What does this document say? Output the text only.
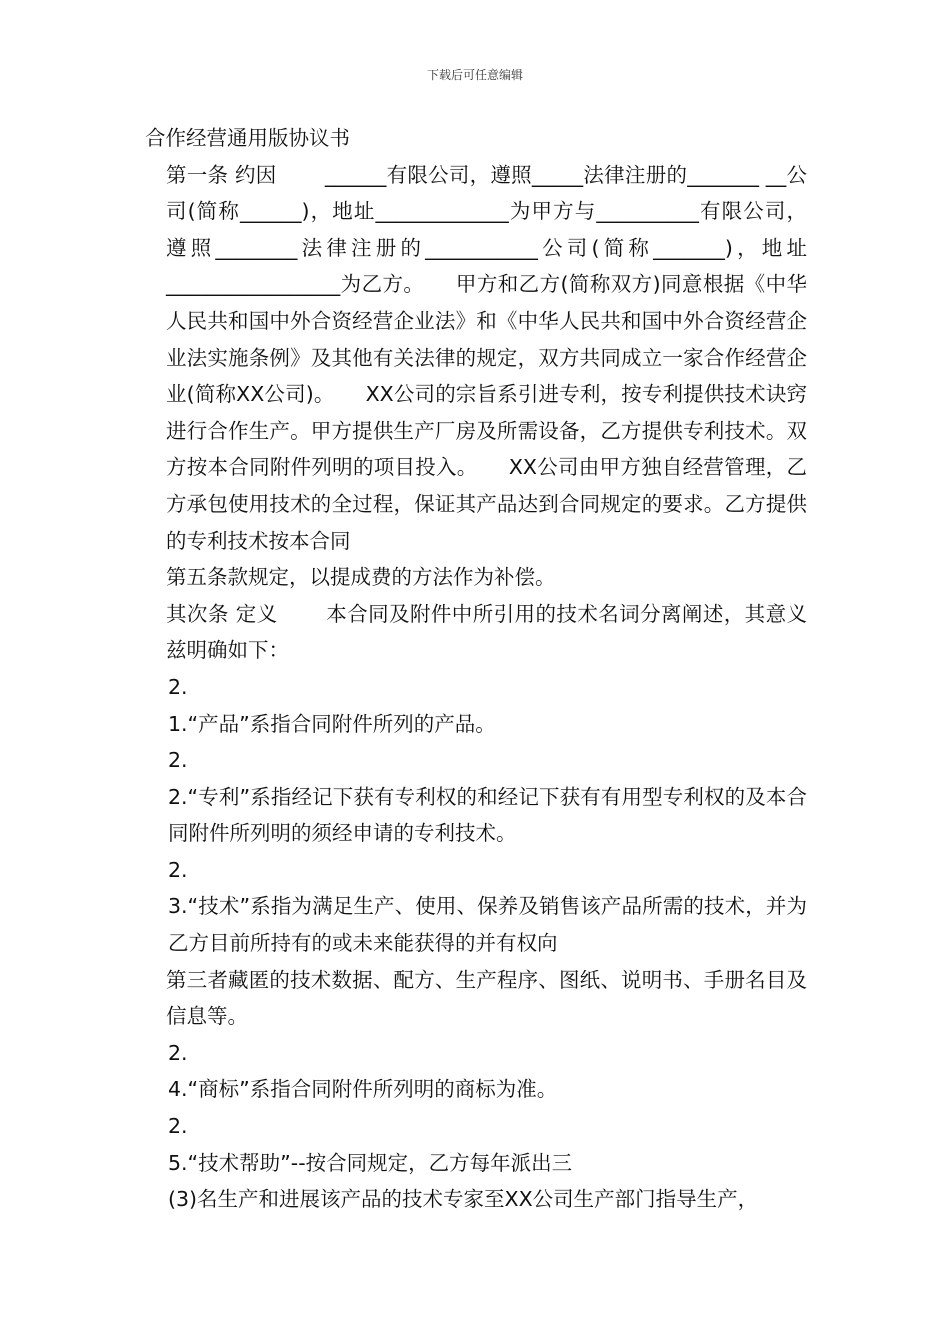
下载后可任意编辑

合作经营通用版协议书

第一条 约因　　 ______有限公司，遵照_____法律注册的_______ __公司(简称______)，地址_____________为甲方与__________有限公司，遵照________法律注册的___________公司(简称_______)，地址_________________为乙方。　　甲方和乙方(简称双方)同意根据《中华人民共和国中外合资经营企业法》和《中华人民共和国中外合资经营企业法实施条例》及其他有关法律的规定，双方共同成立一家合作经营企业(简称XX公司)。　　XX公司的宗旨系引进专利，按专利提供技术诀窍进行合作生产。甲方提供生产厂房及所需设备，乙方提供专利技术。双方按本合同附件列明的项目投入。　　XX公司由甲方独自经营管理，乙方承包使用技术的全过程，保证其产品达到合同规定的要求。乙方提供的专利技术按本合同

第五条款规定，以提成费的方法作为补偿。

其次条 定义　　 本合同及附件中所引用的技术名词分离阐述，其意义兹明确如下：

2.

1.“产品”系指合同附件所列的产品。

2.

2.“专利”系指经记下获有专利权的和经记下获有有用型专利权的及本合同附件所列明的须经申请的专利技术。

2.

3.“技术”系指为满足生产、使用、保养及销售该产品所需的技术，并为乙方目前所持有的或未来能获得的并有权向

第三者藏匿的技术数据、配方、生产程序、图纸、说明书、手册名目及信息等。

2.

4.“商标”系指合同附件所列明的商标为准。

2.

5.“技术帮助”--按合同规定，乙方每年派出三

(3)名生产和进展该产品的技术专家至XX公司生产部门指导生产，
